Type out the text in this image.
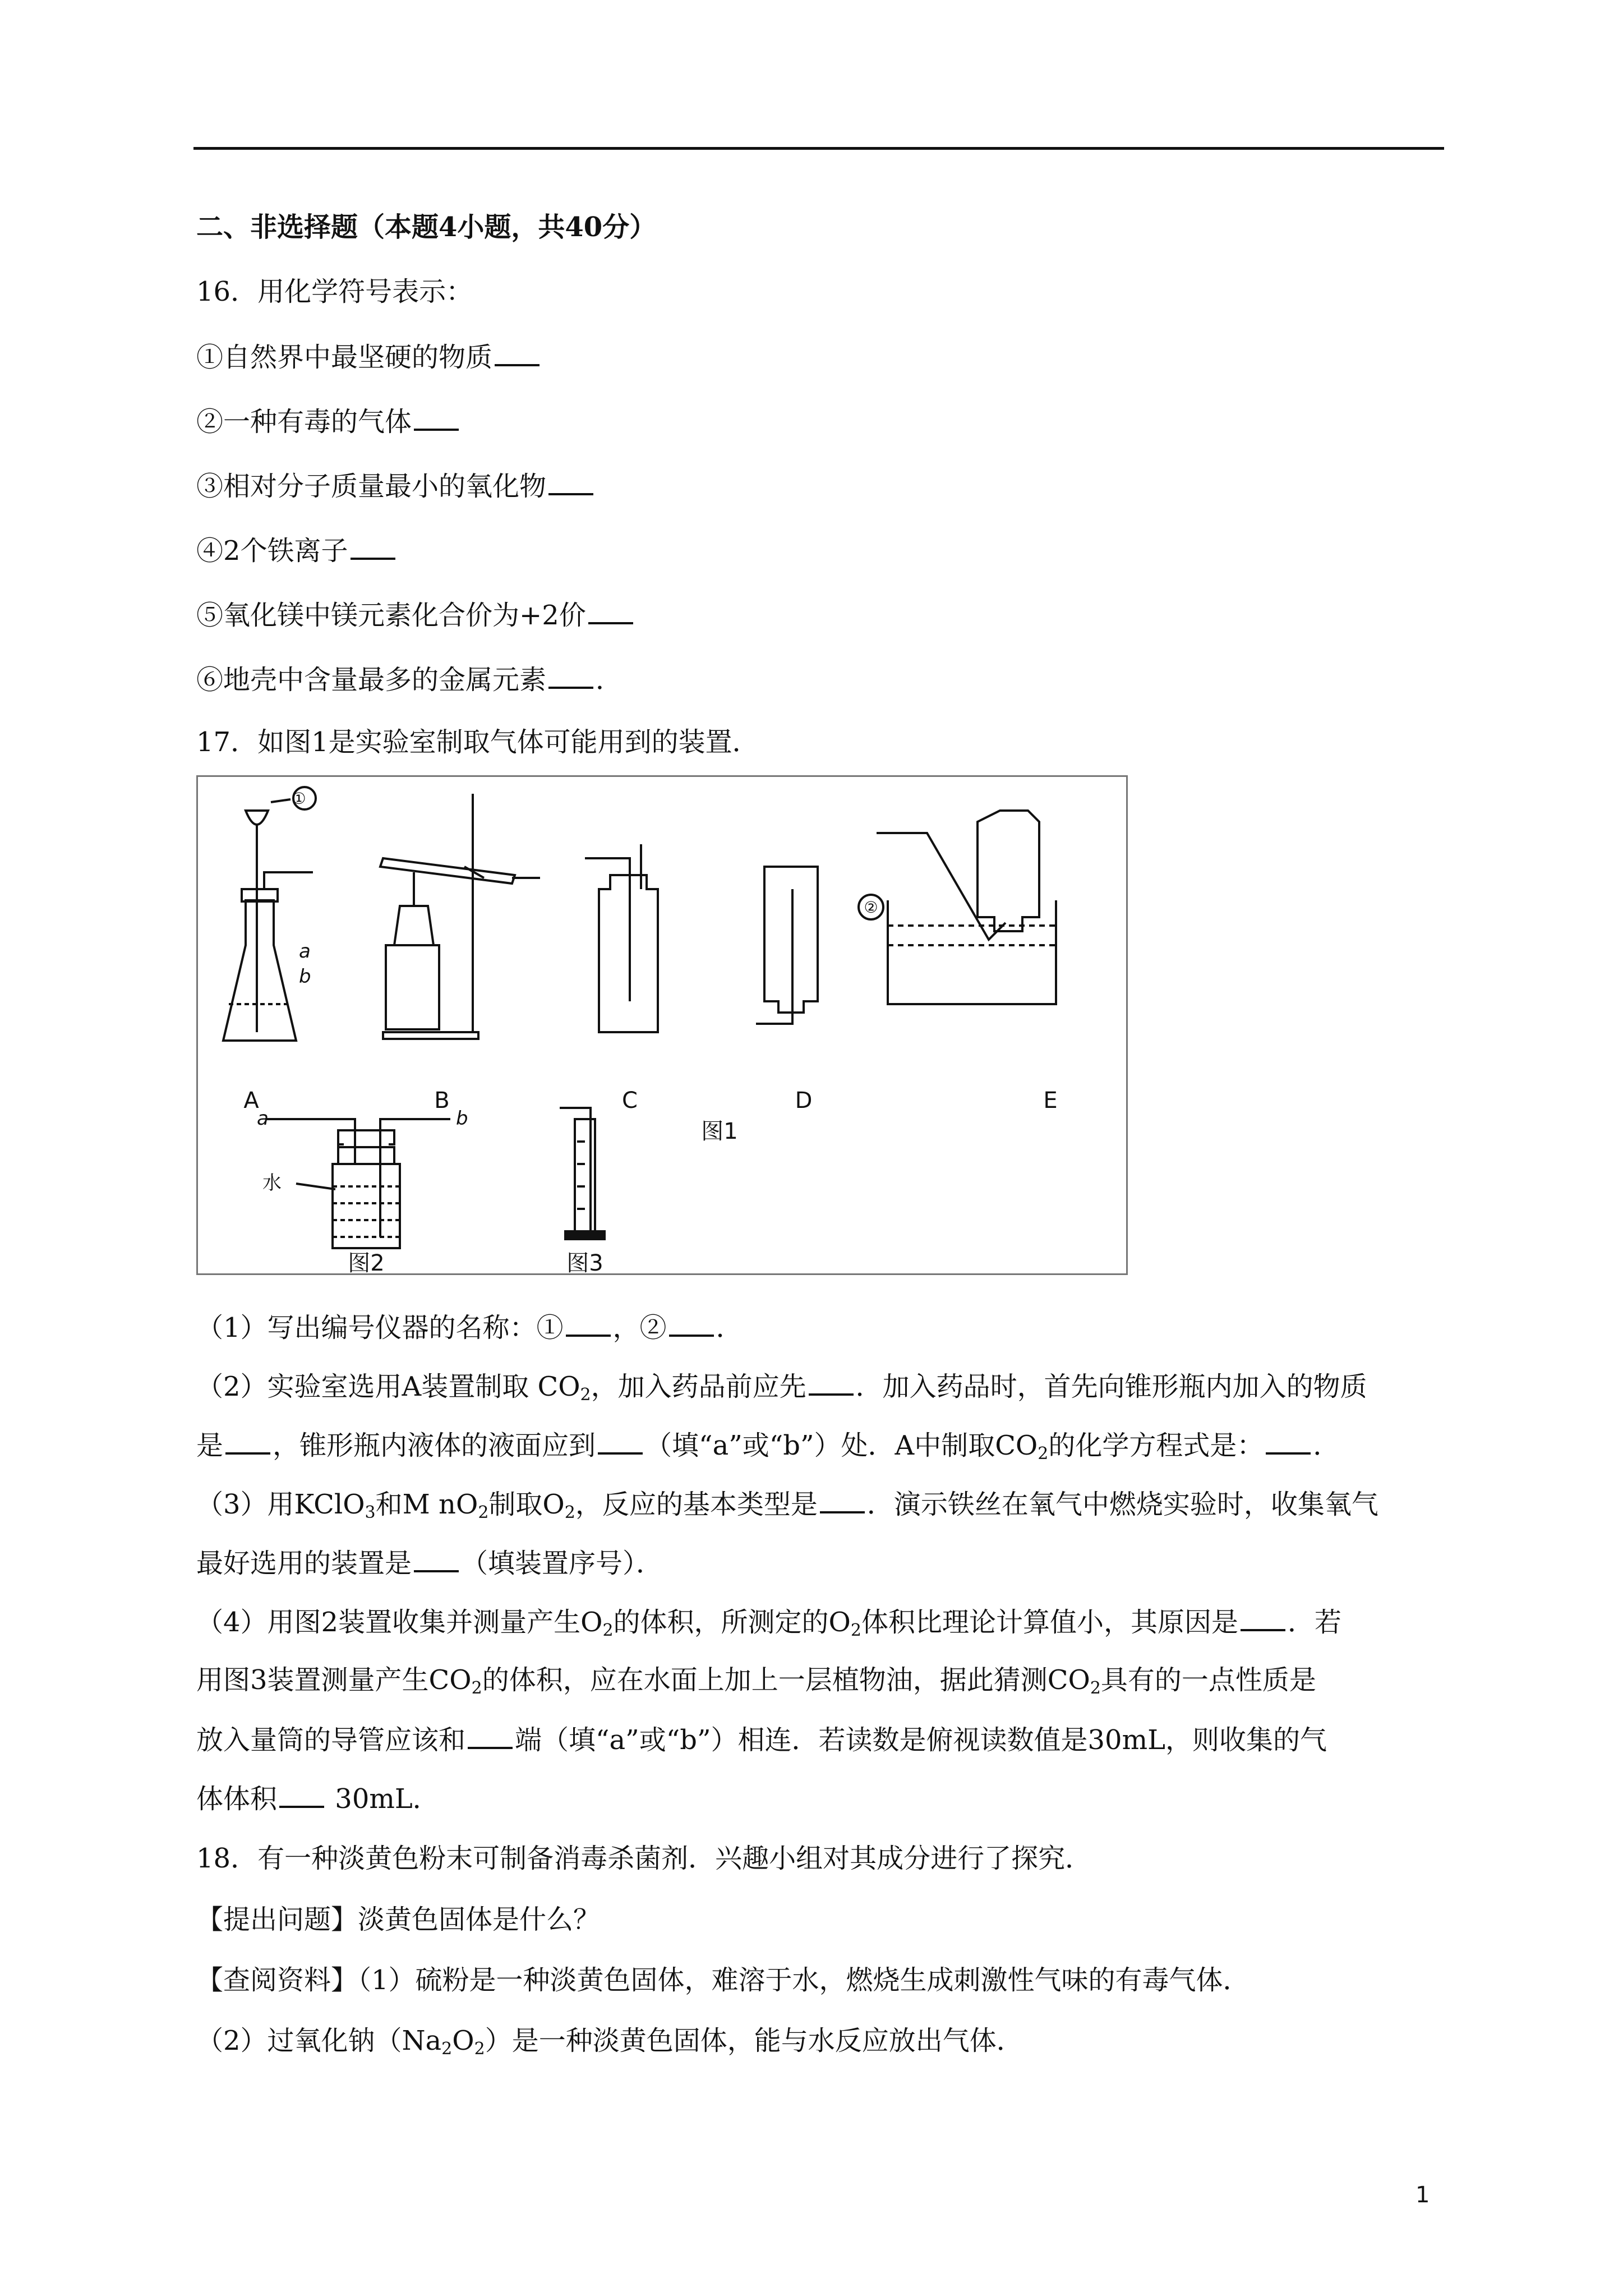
二、非选择题（本题4小题，共40分）
16．用化学符号表示：
①自然界中最坚硬的物质
②一种有毒的气体
③相对分子质量最小的氧化物
④2个铁离子
⑤氧化镁中镁元素化合价为+2价
⑥地壳中含量最多的金属元素 ．
17．如图1是实验室制取气体可能用到的装置．
①
a
b
②
A	B	C	D	E
图1
a	b
水
图2	图3
（1）写出编号仪器的名称：① ，② ．
（2）实验室选用A装置制取 $CO_2$，加入药品前应先 ．加入药品时，首先向锥形瓶内加入的物质
是 ，锥形瓶内液体的液面应到 （填“a”或“b”）处．A中制取$CO_2$的化学方程式是： ．
（3）用KClO$_3$和M $nO_2$制取$O_2$，反应的基本类型是 ．演示铁丝在氧气中燃烧实验时，收集氧气
最好选用的装置是 （填装置序号）．
（4）用图2装置收集并测量产生$O_2$的体积，所测定的$O_2$体积比理论计算值小，其原因是 ．若
用图3装置测量产生$CO_2$的体积，应在水面上加上一层植物油，据此猜测$CO_2$具有的一点性质是
放入量筒的导管应该和 端（填“a”或“b”）相连．若读数是俯视读数值是30mL，则收集的气
体体积 30mL．
18．有一种淡黄色粉末可制备消毒杀菌剂．兴趣小组对其成分进行了探究．
【提出问题】淡黄色固体是什么？
【查阅资料】（1）硫粉是一种淡黄色固体，难溶于水，燃烧生成刺激性气味的有毒气体．
（2）过氧化钠$(Na_2O_2)$是一种淡黄色固体，能与水反应放出气体．
1
